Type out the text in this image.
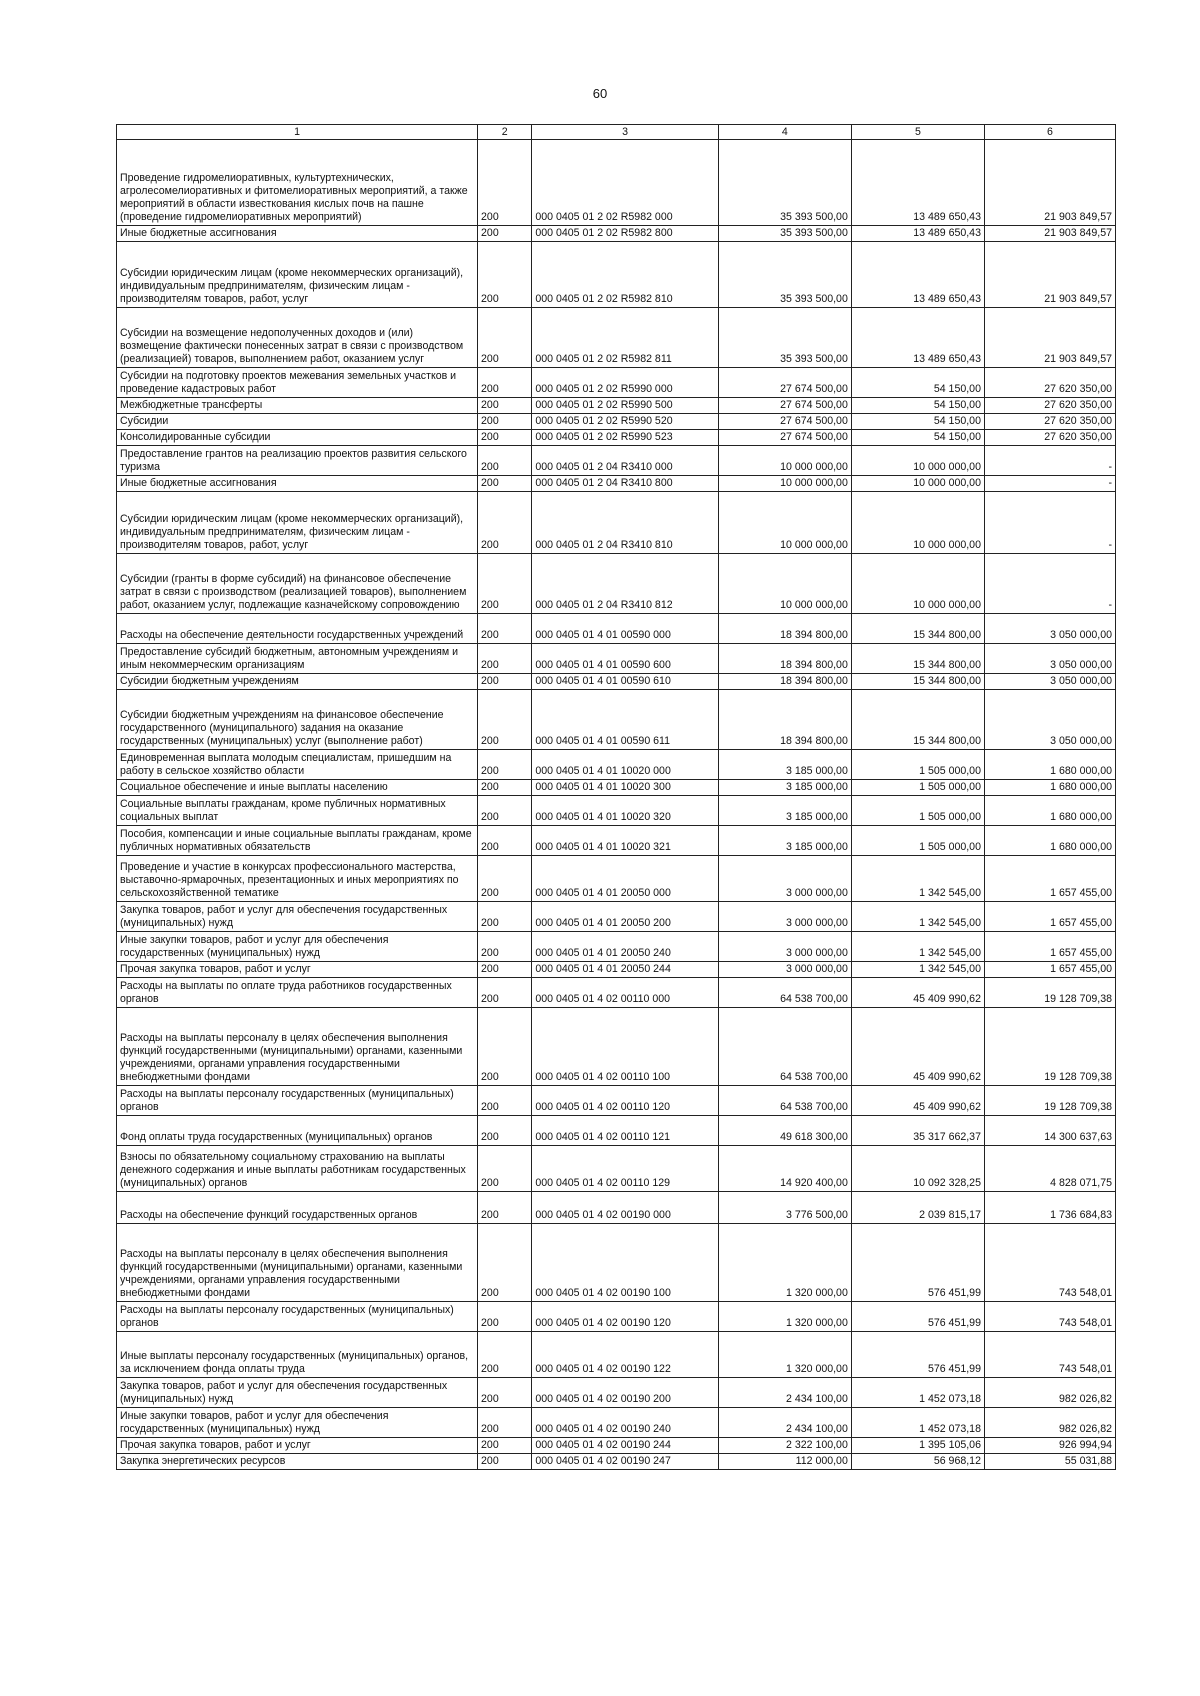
60
1	2	3	4	5	6
Проведение гидромелиоративных, культуртехнических, агролесомелиоративных и фитомелиоративных мероприятий, а также мероприятий в области известкования кислых почв на пашне (проведение гидромелиоративных мероприятий)	200	000 0405 01 2 02 R5982 000	35 393 500,00	13 489 650,43	21 903 849,57
Иные бюджетные ассигнования	200	000 0405 01 2 02 R5982 800	35 393 500,00	13 489 650,43	21 903 849,57
Субсидии юридическим лицам (кроме некоммерческих организаций), индивидуальным предпринимателям, физическим лицам - производителям товаров, работ, услуг	200	000 0405 01 2 02 R5982 810	35 393 500,00	13 489 650,43	21 903 849,57
Субсидии на возмещение недополученных доходов и (или) возмещение фактически понесенных затрат в связи с производством (реализацией) товаров, выполнением работ, оказанием услуг	200	000 0405 01 2 02 R5982 811	35 393 500,00	13 489 650,43	21 903 849,57
Субсидии на подготовку проектов межевания земельных участков и проведение кадастровых работ	200	000 0405 01 2 02 R5990 000	27 674 500,00	54 150,00	27 620 350,00
Межбюджетные трансферты	200	000 0405 01 2 02 R5990 500	27 674 500,00	54 150,00	27 620 350,00
Субсидии	200	000 0405 01 2 02 R5990 520	27 674 500,00	54 150,00	27 620 350,00
Консолидированные субсидии	200	000 0405 01 2 02 R5990 523	27 674 500,00	54 150,00	27 620 350,00
Предоставление грантов на реализацию проектов развития сельского туризма	200	000 0405 01 2 04 R3410 000	10 000 000,00	10 000 000,00	-
Иные бюджетные ассигнования	200	000 0405 01 2 04 R3410 800	10 000 000,00	10 000 000,00	-
Субсидии юридическим лицам (кроме некоммерческих организаций), индивидуальным предпринимателям, физическим лицам - производителям товаров, работ, услуг	200	000 0405 01 2 04 R3410 810	10 000 000,00	10 000 000,00	-
Субсидии (гранты в форме субсидий) на финансовое обеспечение затрат в связи с производством (реализацией товаров), выполнением работ, оказанием услуг, подлежащие казначейскому сопровождению	200	000 0405 01 2 04 R3410 812	10 000 000,00	10 000 000,00	-
Расходы на обеспечение деятельности государственных учреждений	200	000 0405 01 4 01 00590 000	18 394 800,00	15 344 800,00	3 050 000,00
Предоставление субсидий бюджетным, автономным учреждениям и иным некоммерческим организациям	200	000 0405 01 4 01 00590 600	18 394 800,00	15 344 800,00	3 050 000,00
Субсидии бюджетным учреждениям	200	000 0405 01 4 01 00590 610	18 394 800,00	15 344 800,00	3 050 000,00
Субсидии бюджетным учреждениям на финансовое обеспечение государственного (муниципального) задания на оказание государственных (муниципальных) услуг (выполнение работ)	200	000 0405 01 4 01 00590 611	18 394 800,00	15 344 800,00	3 050 000,00
Единовременная выплата молодым специалистам, пришедшим на работу в сельское хозяйство области	200	000 0405 01 4 01 10020 000	3 185 000,00	1 505 000,00	1 680 000,00
Социальное обеспечение и иные выплаты населению	200	000 0405 01 4 01 10020 300	3 185 000,00	1 505 000,00	1 680 000,00
Социальные выплаты гражданам, кроме публичных нормативных социальных выплат	200	000 0405 01 4 01 10020 320	3 185 000,00	1 505 000,00	1 680 000,00
Пособия, компенсации и иные социальные выплаты гражданам, кроме публичных нормативных обязательств	200	000 0405 01 4 01 10020 321	3 185 000,00	1 505 000,00	1 680 000,00
Проведение и участие в конкурсах профессионального мастерства, выставочно-ярмарочных, презентационных и иных мероприятиях по сельскохозяйственной тематике	200	000 0405 01 4 01 20050 000	3 000 000,00	1 342 545,00	1 657 455,00
Закупка товаров, работ и услуг для обеспечения государственных (муниципальных) нужд	200	000 0405 01 4 01 20050 200	3 000 000,00	1 342 545,00	1 657 455,00
Иные закупки товаров, работ и услуг для обеспечения государственных (муниципальных) нужд	200	000 0405 01 4 01 20050 240	3 000 000,00	1 342 545,00	1 657 455,00
Прочая закупка товаров, работ и услуг	200	000 0405 01 4 01 20050 244	3 000 000,00	1 342 545,00	1 657 455,00
Расходы на выплаты по оплате труда работников государственных органов	200	000 0405 01 4 02 00110 000	64 538 700,00	45 409 990,62	19 128 709,38
Расходы на выплаты персоналу в целях обеспечения выполнения функций государственными (муниципальными) органами, казенными учреждениями, органами управления государственными внебюджетными фондами	200	000 0405 01 4 02 00110 100	64 538 700,00	45 409 990,62	19 128 709,38
Расходы на выплаты персоналу государственных (муниципальных) органов	200	000 0405 01 4 02 00110 120	64 538 700,00	45 409 990,62	19 128 709,38
Фонд оплаты труда государственных (муниципальных) органов	200	000 0405 01 4 02 00110 121	49 618 300,00	35 317 662,37	14 300 637,63
Взносы по обязательному социальному страхованию на выплаты денежного содержания и иные выплаты работникам государственных (муниципальных) органов	200	000 0405 01 4 02 00110 129	14 920 400,00	10 092 328,25	4 828 071,75
Расходы на обеспечение функций государственных органов	200	000 0405 01 4 02 00190 000	3 776 500,00	2 039 815,17	1 736 684,83
Расходы на выплаты персоналу в целях обеспечения выполнения функций государственными (муниципальными) органами, казенными учреждениями, органами управления государственными внебюджетными фондами	200	000 0405 01 4 02 00190 100	1 320 000,00	576 451,99	743 548,01
Расходы на выплаты персоналу государственных (муниципальных) органов	200	000 0405 01 4 02 00190 120	1 320 000,00	576 451,99	743 548,01
Иные выплаты персоналу государственных (муниципальных) органов, за исключением фонда оплаты труда	200	000 0405 01 4 02 00190 122	1 320 000,00	576 451,99	743 548,01
Закупка товаров, работ и услуг для обеспечения государственных (муниципальных) нужд	200	000 0405 01 4 02 00190 200	2 434 100,00	1 452 073,18	982 026,82
Иные закупки товаров, работ и услуг для обеспечения государственных (муниципальных) нужд	200	000 0405 01 4 02 00190 240	2 434 100,00	1 452 073,18	982 026,82
Прочая закупка товаров, работ и услуг	200	000 0405 01 4 02 00190 244	2 322 100,00	1 395 105,06	926 994,94
Закупка энергетических ресурсов	200	000 0405 01 4 02 00190 247	112 000,00	56 968,12	55 031,88
